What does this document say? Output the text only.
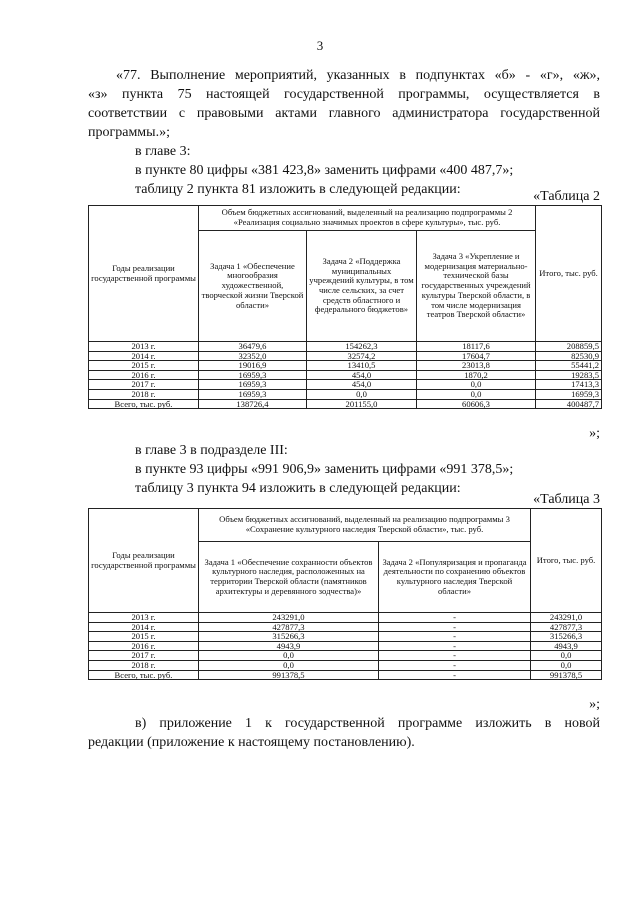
3
«77. Выполнение мероприятий, указанных в подпунктах «б» - «г», «ж»,
«з» пункта 75 настоящей государственной программы, осуществляется в
соответствии с правовыми актами главного администратора государственной
программы.»;
в главе 3:
в пункте 80 цифры «381 423,8» заменить цифрами «400 487,7»;
таблицу 2 пункта 81 изложить в следующей редакции:	«Таблица 2
Годы реализации государственной программы	Объем бюджетных ассигнований, выделенный на реализацию подпрограммы 2 «Реализация социально значимых проектов в сфере культуры», тыс. руб.			Итого, тыс. руб.
	Задача 1 «Обеспечение многообразия художественной, творческой жизни Тверской области»	Задача 2 «Поддержка муниципальных учреждений культуры, в том числе сельских, за счет средств областного и федерального бюджетов»	Задача 3 «Укрепление и модернизация материально-технической базы государственных учреждений культуры Тверской области, в том числе модернизация театров Тверской области»	
2013 г.	36479,6	154262,3	18117,6	208859,5
2014 г.	32352,0	32574,2	17604,7	82530,9
2015 г.	19016,9	13410,5	23013,8	55441,2
2016 г.	16959,3	454,0	1870,2	19283,5
2017 г.	16959,3	454,0	0,0	17413,3
2018 г.	16959,3	0,0	0,0	16959,3
Всего, тыс. руб.	138726,4	201155,0	60606,3	400487,7
»;
в главе 3 в подразделе III:
в пункте 93 цифры «991 906,9» заменить цифрами «991 378,5»;
таблицу 3 пункта 94 изложить в следующей редакции:
«Таблица 3
Годы реализации государственной программы	Объем бюджетных ассигнований, выделенный на реализацию подпрограммы 3 «Сохранение культурного наследия Тверской области», тыс. руб.		Итого, тыс. руб.
	Задача 1 «Обеспечение сохранности объектов культурного наследия, расположенных на территории Тверской области (памятников архитектуры и деревянного зодчества)»	Задача 2 «Популяризация и пропаганда деятельности по сохранению объектов культурного наследия Тверской области»	
2013 г.	243291,0	-	243291,0
2014 г.	427877,3	-	427877,3
2015 г.	315266,3	-	315266,3
2016 г.	4943,9	-	4943,9
2017 г.	0,0	-	0,0
2018 г.	0,0	-	0,0
Всего, тыс. руб.	991378,5	-	991378,5
»;
в) приложение 1 к государственной программе изложить в новой
редакции (приложение к настоящему постановлению).
